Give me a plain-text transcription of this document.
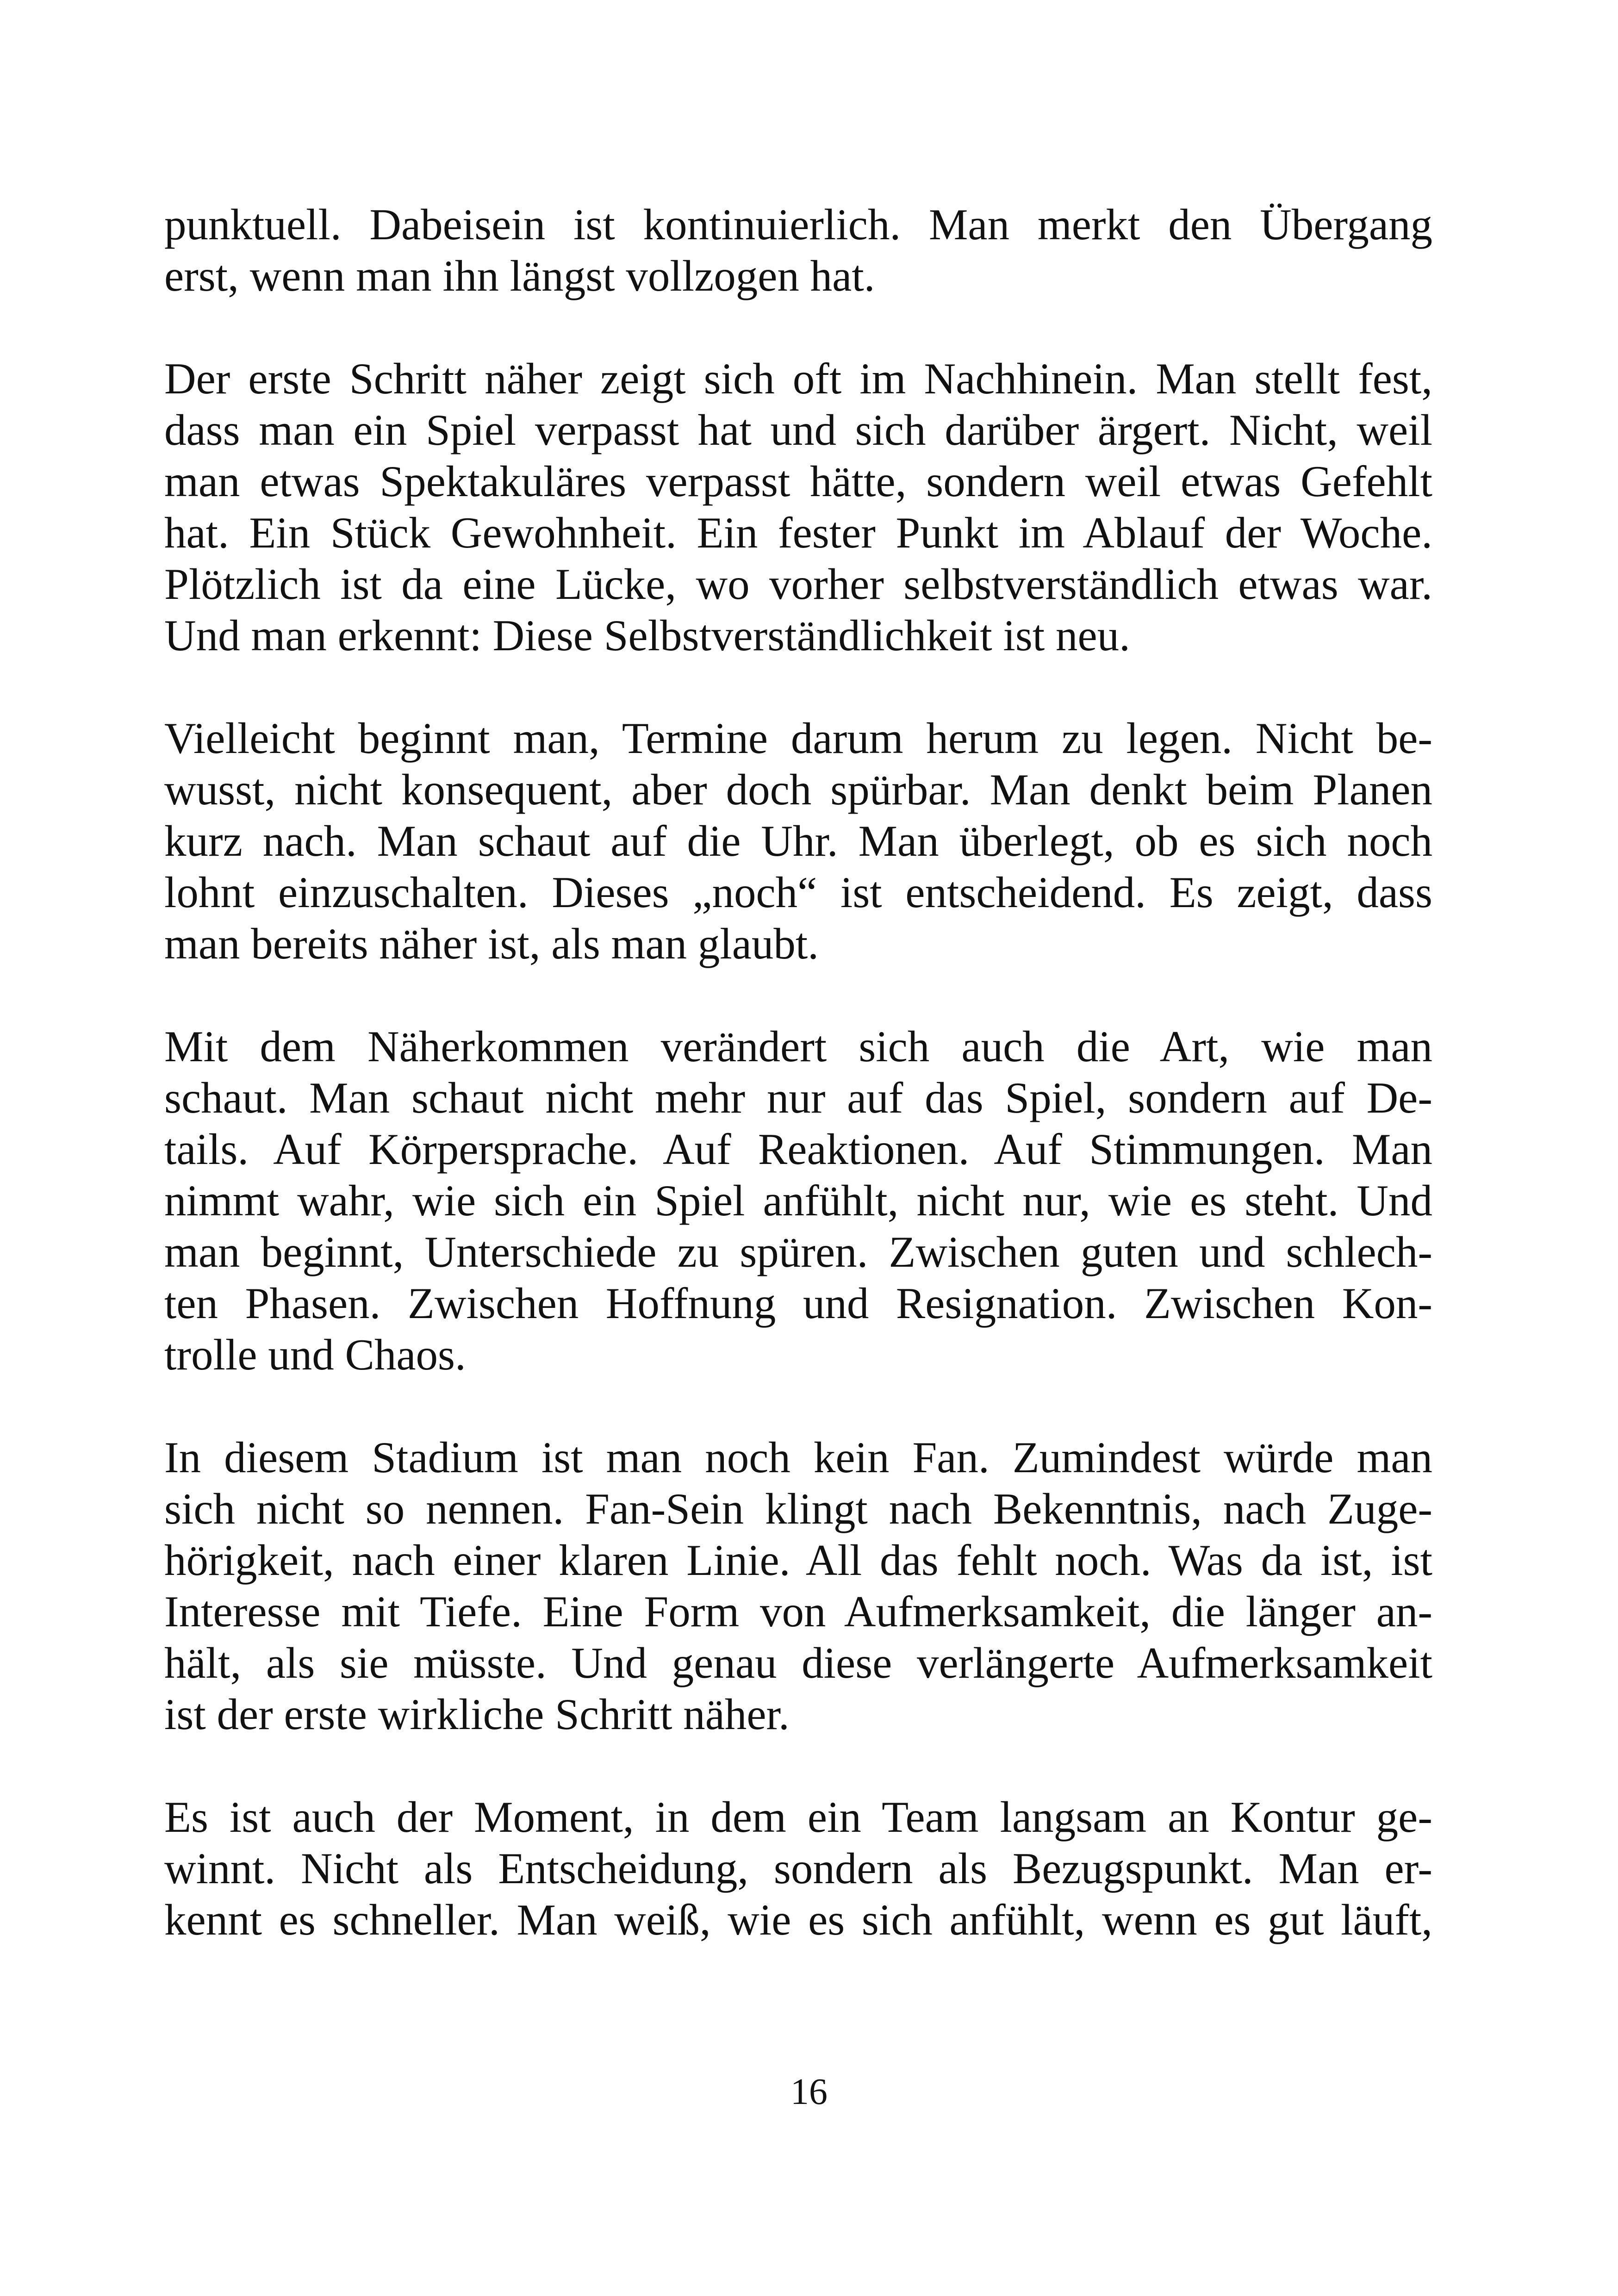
punktuell. Dabeisein ist kontinuierlich. Man merkt den Übergang
erst, wenn man ihn längst vollzogen hat.
Der erste Schritt näher zeigt sich oft im Nachhinein. Man stellt fest,
dass man ein Spiel verpasst hat und sich darüber ärgert. Nicht, weil
man etwas Spektakuläres verpasst hätte, sondern weil etwas Gefehlt
hat. Ein Stück Gewohnheit. Ein fester Punkt im Ablauf der Woche.
Plötzlich ist da eine Lücke, wo vorher selbstverständlich etwas war.
Und man erkennt: Diese Selbstverständlichkeit ist neu.
Vielleicht beginnt man, Termine darum herum zu legen. Nicht be-
wusst, nicht konsequent, aber doch spürbar. Man denkt beim Planen
kurz nach. Man schaut auf die Uhr. Man überlegt, ob es sich noch
lohnt einzuschalten. Dieses „noch“ ist entscheidend. Es zeigt, dass
man bereits näher ist, als man glaubt.
Mit dem Näherkommen verändert sich auch die Art, wie man
schaut. Man schaut nicht mehr nur auf das Spiel, sondern auf De-
tails. Auf Körpersprache. Auf Reaktionen. Auf Stimmungen. Man
nimmt wahr, wie sich ein Spiel anfühlt, nicht nur, wie es steht. Und
man beginnt, Unterschiede zu spüren. Zwischen guten und schlech-
ten Phasen. Zwischen Hoffnung und Resignation. Zwischen Kon-
trolle und Chaos.
In diesem Stadium ist man noch kein Fan. Zumindest würde man
sich nicht so nennen. Fan-Sein klingt nach Bekenntnis, nach Zuge-
hörigkeit, nach einer klaren Linie. All das fehlt noch. Was da ist, ist
Interesse mit Tiefe. Eine Form von Aufmerksamkeit, die länger an-
hält, als sie müsste. Und genau diese verlängerte Aufmerksamkeit
ist der erste wirkliche Schritt näher.
Es ist auch der Moment, in dem ein Team langsam an Kontur ge-
winnt. Nicht als Entscheidung, sondern als Bezugspunkt. Man er-
kennt es schneller. Man weiß, wie es sich anfühlt, wenn es gut läuft,
16
